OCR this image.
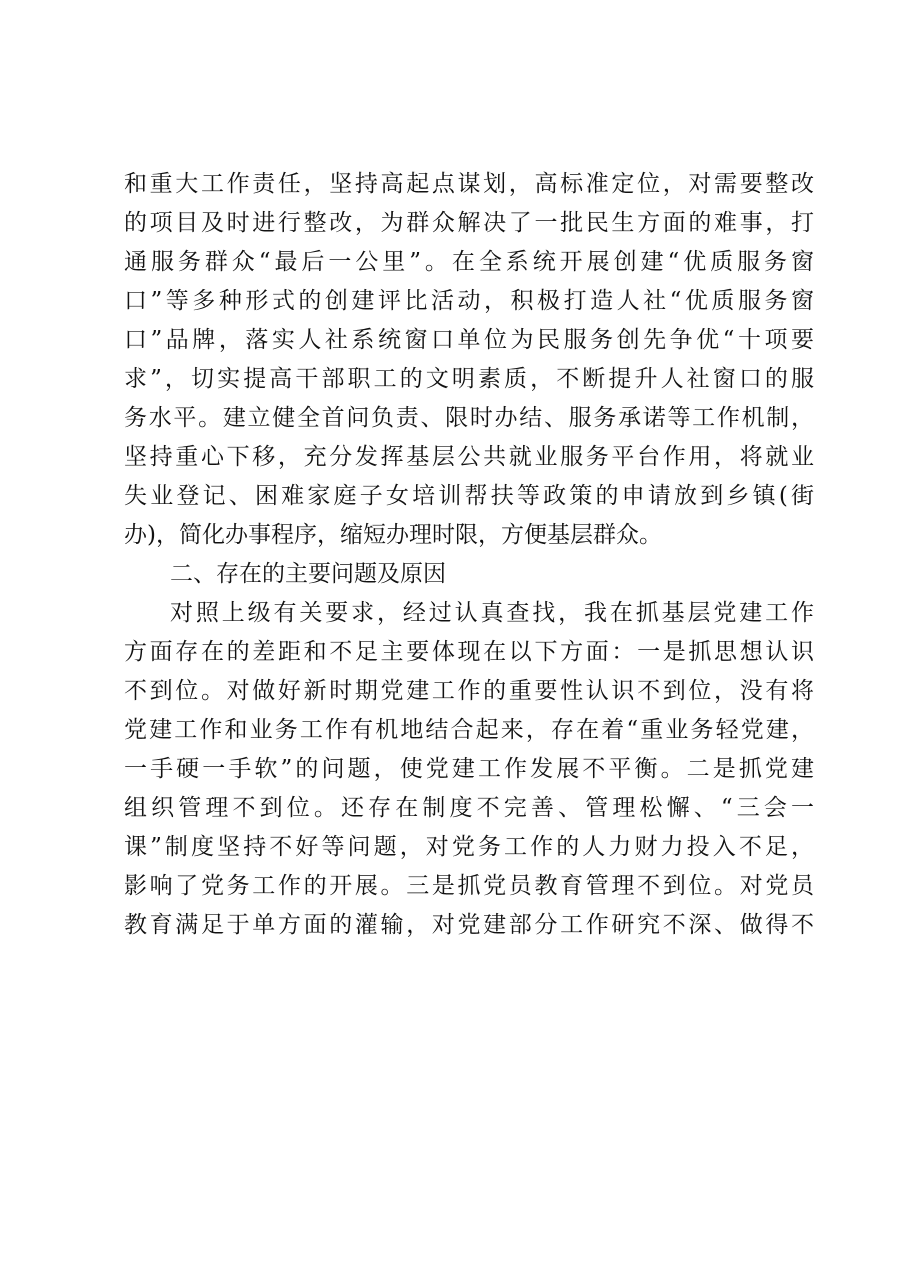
和重大工作责任，坚持高起点谋划，高标准定位，对需要整改
的项目及时进行整改，为群众解决了一批民生方面的难事，打
通服务群众“最后一公里”。在全系统开展创建“优质服务窗
口”等多种形式的创建评比活动，积极打造人社“优质服务窗
口”品牌，落实人社系统窗口单位为民服务创先争优“十项要
求”，切实提高干部职工的文明素质，不断提升人社窗口的服
务水平。建立健全首问负责、限时办结、服务承诺等工作机制，
坚持重心下移，充分发挥基层公共就业服务平台作用，将就业
失业登记、困难家庭子女培训帮扶等政策的申请放到乡镇(街
办)，简化办事程序，缩短办理时限，方便基层群众。
二、存在的主要问题及原因
对照上级有关要求，经过认真查找，我在抓基层党建工作
方面存在的差距和不足主要体现在以下方面：一是抓思想认识
不到位。对做好新时期党建工作的重要性认识不到位，没有将
党建工作和业务工作有机地结合起来，存在着“重业务轻党建，
一手硬一手软”的问题，使党建工作发展不平衡。二是抓党建
组织管理不到位。还存在制度不完善、管理松懈、“三会一
课”制度坚持不好等问题，对党务工作的人力财力投入不足，
影响了党务工作的开展。三是抓党员教育管理不到位。对党员
教育满足于单方面的灌输，对党建部分工作研究不深、做得不
